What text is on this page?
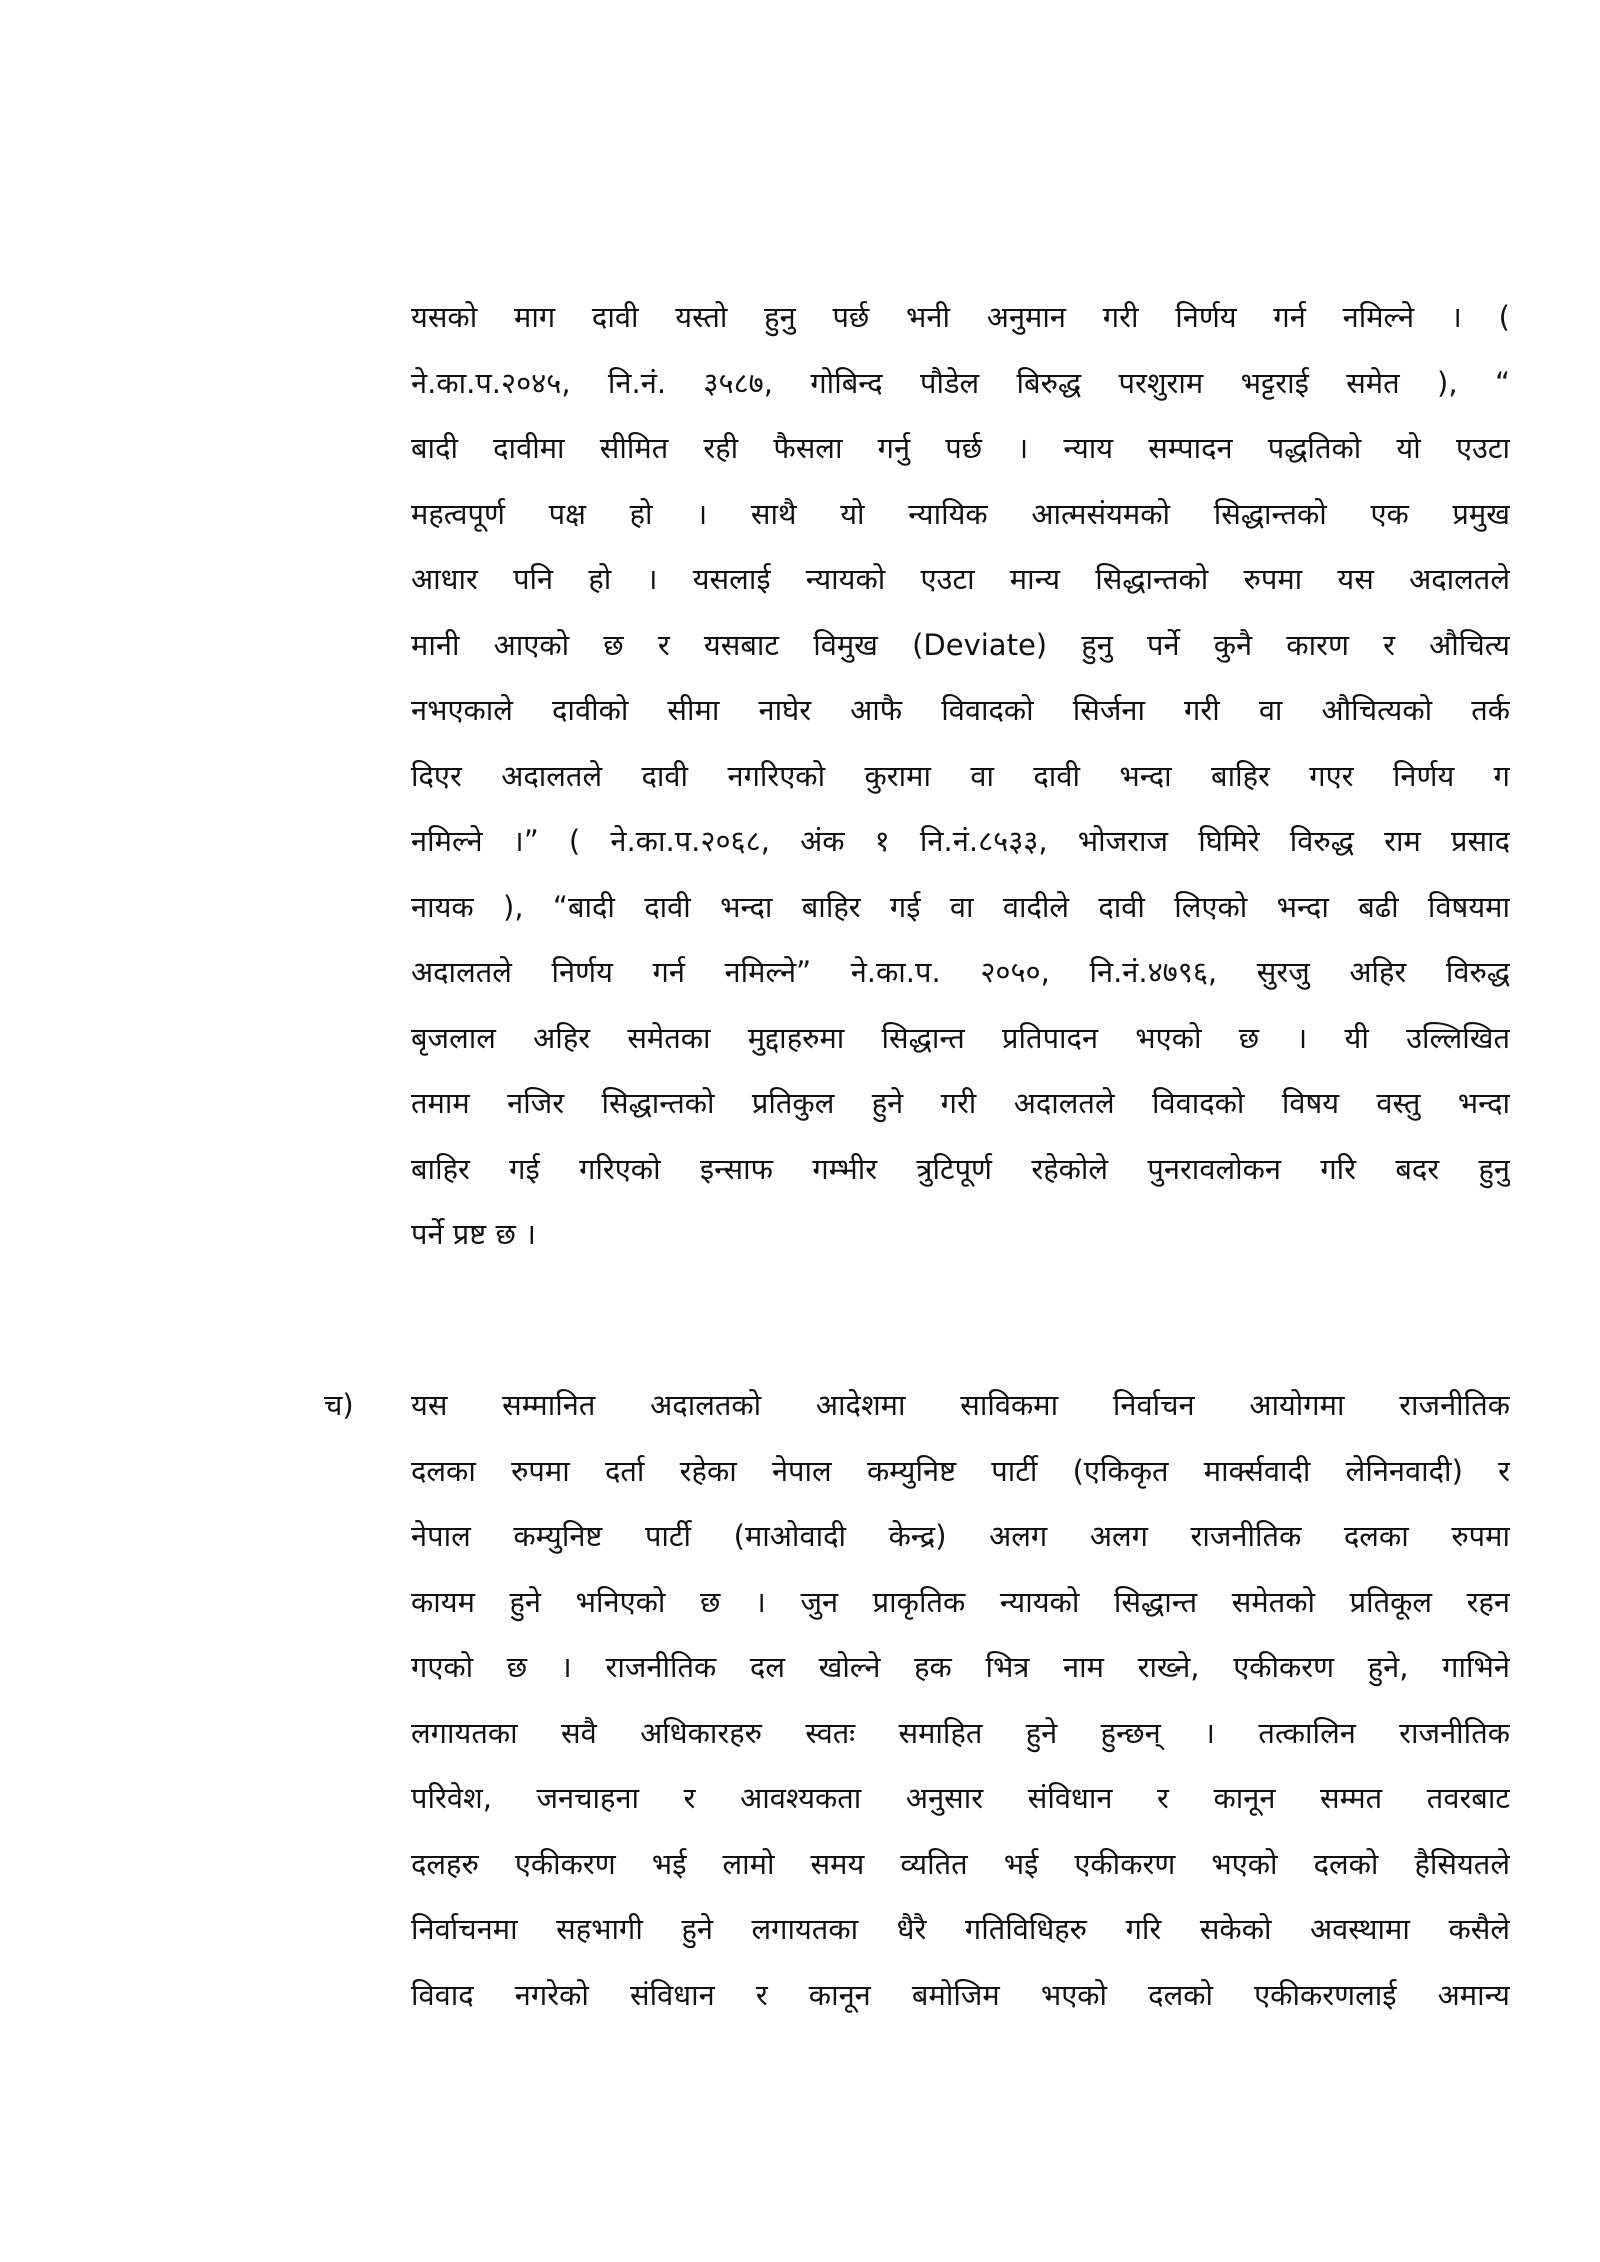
यसको माग दावी यस्तो हुनु पर्छ भनी अनुमान गरी निर्णय गर्न नमिल्ने । (
ने.का.प.२०४५, नि.नं. ३५८७, गोबिन्द पौडेल बिरुद्ध परशुराम भट्टराई समेत ), “
बादी दावीमा सीमित रही फैसला गर्नु पर्छ । न्याय सम्पादन पद्धतिको यो एउटा
महत्वपूर्ण पक्ष हो । साथै यो न्यायिक आत्मसंयमको सिद्धान्तको एक प्रमुख
आधार पनि हो । यसलाई न्यायको एउटा मान्य सिद्धान्तको रुपमा यस अदालतले
मानी आएको छ र यसबाट विमुख (Deviate) हुनु पर्ने कुनै कारण र औचित्य
नभएकाले दावीको सीमा नाघेर आफै विवादको सिर्जना गरी वा औचित्यको तर्क
दिएर अदालतले दावी नगरिएको कुरामा वा दावी भन्दा बाहिर गएर निर्णय ग
नमिल्ने ।” ( ने.का.प.२०६८, अंक १ नि.नं.८५३३, भोजराज घिमिरे विरुद्ध राम प्रसाद
नायक ), “बादी दावी भन्दा बाहिर गई वा वादीले दावी लिएको भन्दा बढी विषयमा
अदालतले निर्णय गर्न नमिल्ने” ने.का.प. २०५०, नि.नं.४७९६, सुरजु अहिर विरुद्ध
बृजलाल अहिर समेतका मुद्दाहरुमा सिद्धान्त प्रतिपादन भएको छ । यी उल्लिखित
तमाम नजिर सिद्धान्तको प्रतिकुल हुने गरी अदालतले विवादको विषय वस्तु भन्दा
बाहिर गई गरिएको इन्साफ गम्भीर त्रुटिपूर्ण रहेकोले पुनरावलोकन गरि बदर हुनु
पर्ने प्रष्ट छ ।
च) यस सम्मानित अदालतको आदेशमा साविकमा निर्वाचन आयोगमा राजनीतिक
दलका रुपमा दर्ता रहेका नेपाल कम्युनिष्ट पार्टी (एकिकृत मार्क्सवादी लेनिनवादी) र
नेपाल कम्युनिष्ट पार्टी (माओवादी केन्द्र) अलग अलग राजनीतिक दलका रुपमा
कायम हुने भनिएको छ । जुन प्राकृतिक न्यायको सिद्धान्त समेतको प्रतिकूल रहन
गएको छ । राजनीतिक दल खोल्ने हक भित्र नाम राख्ने, एकीकरण हुने, गाभिने
लगायतका सवै अधिकारहरु स्वतः समाहित हुने हुन्छन् । तत्कालिन राजनीतिक
परिवेश, जनचाहना र आवश्यकता अनुसार संविधान र कानून सम्मत तवरबाट
दलहरु एकीकरण भई लामो समय व्यतित भई एकीकरण भएको दलको हैसियतले
निर्वाचनमा सहभागी हुने लगायतका धैरै गतिविधिहरु गरि सकेको अवस्थामा कसैले
विवाद नगरेको संविधान र कानून बमोजिम भएको दलको एकीकरणलाई अमान्य
